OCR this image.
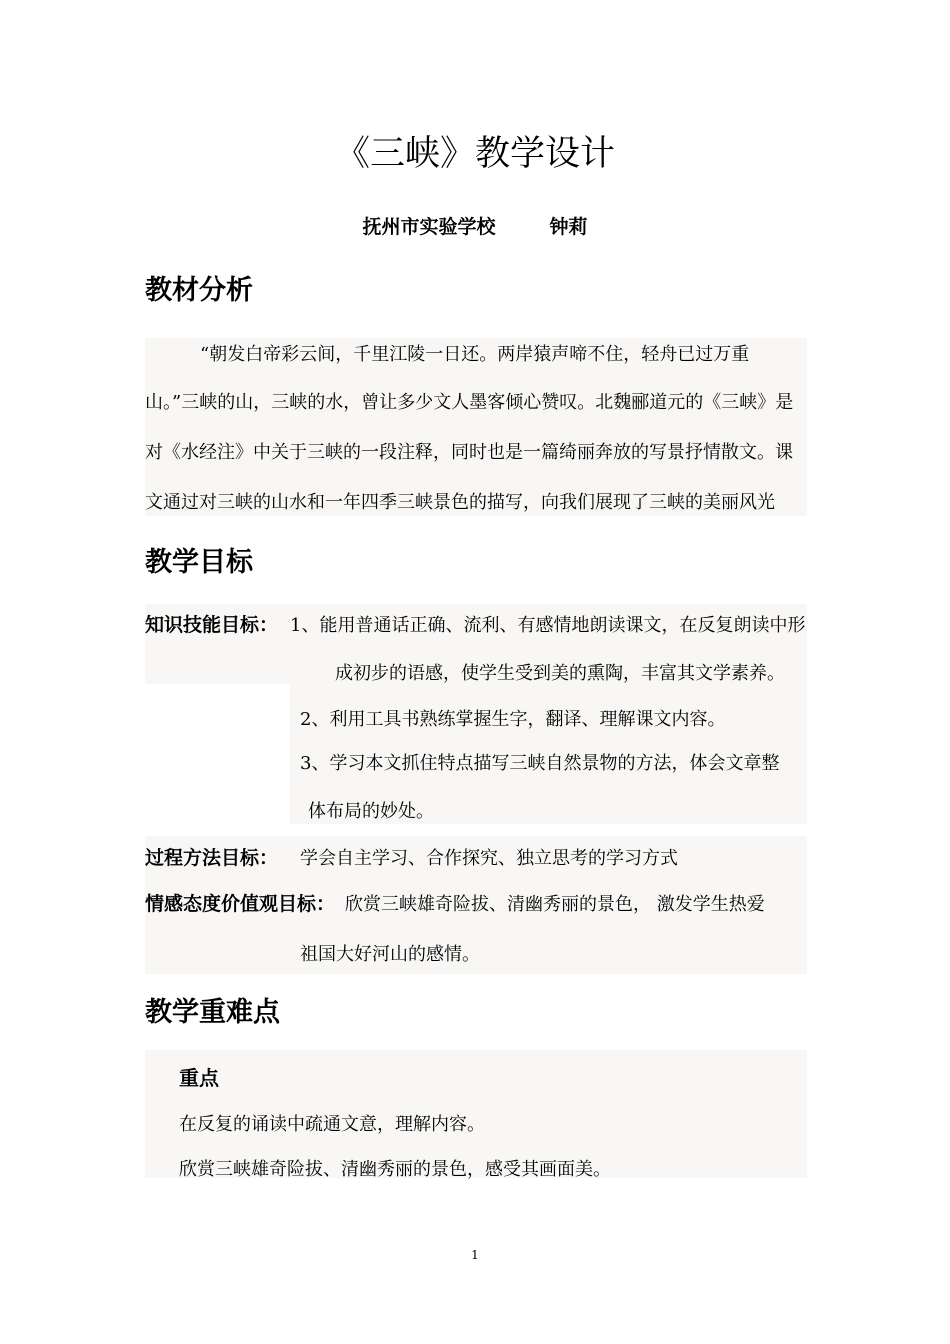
《三峡》教学设计
抚州市实验学校	钟莉
教材分析
“朝发白帝彩云间，千里江陵一日还。两岸猿声啼不住，轻舟已过万重
山。”三峡的山，三峡的水，曾让多少文人墨客倾心赞叹。北魏郦道元的《三峡》是
对《水经注》中关于三峡的一段注释，同时也是一篇绮丽奔放的写景抒情散文。课
文通过对三峡的山水和一年四季三峡景色的描写，向我们展现了三峡的美丽风光
教学目标
知识技能目标： 1、能用普通话正确、流利、有感情地朗读课文，在反复朗读中形
成初步的语感，使学生受到美的熏陶，丰富其文学素养。
2、利用工具书熟练掌握生字，翻译、理解课文内容。
3、学习本文抓住特点描写三峡自然景物的方法，体会文章整
体布局的妙处。
过程方法目标： 学会自主学习、合作探究、独立思考的学习方式
情感态度价值观目标： 欣赏三峡雄奇险拔、清幽秀丽的景色， 激发学生热爱
祖国大好河山的感情。
教学重难点
重点
在反复的诵读中疏通文意，理解内容。
欣赏三峡雄奇险拔、清幽秀丽的景色，感受其画面美。
1
